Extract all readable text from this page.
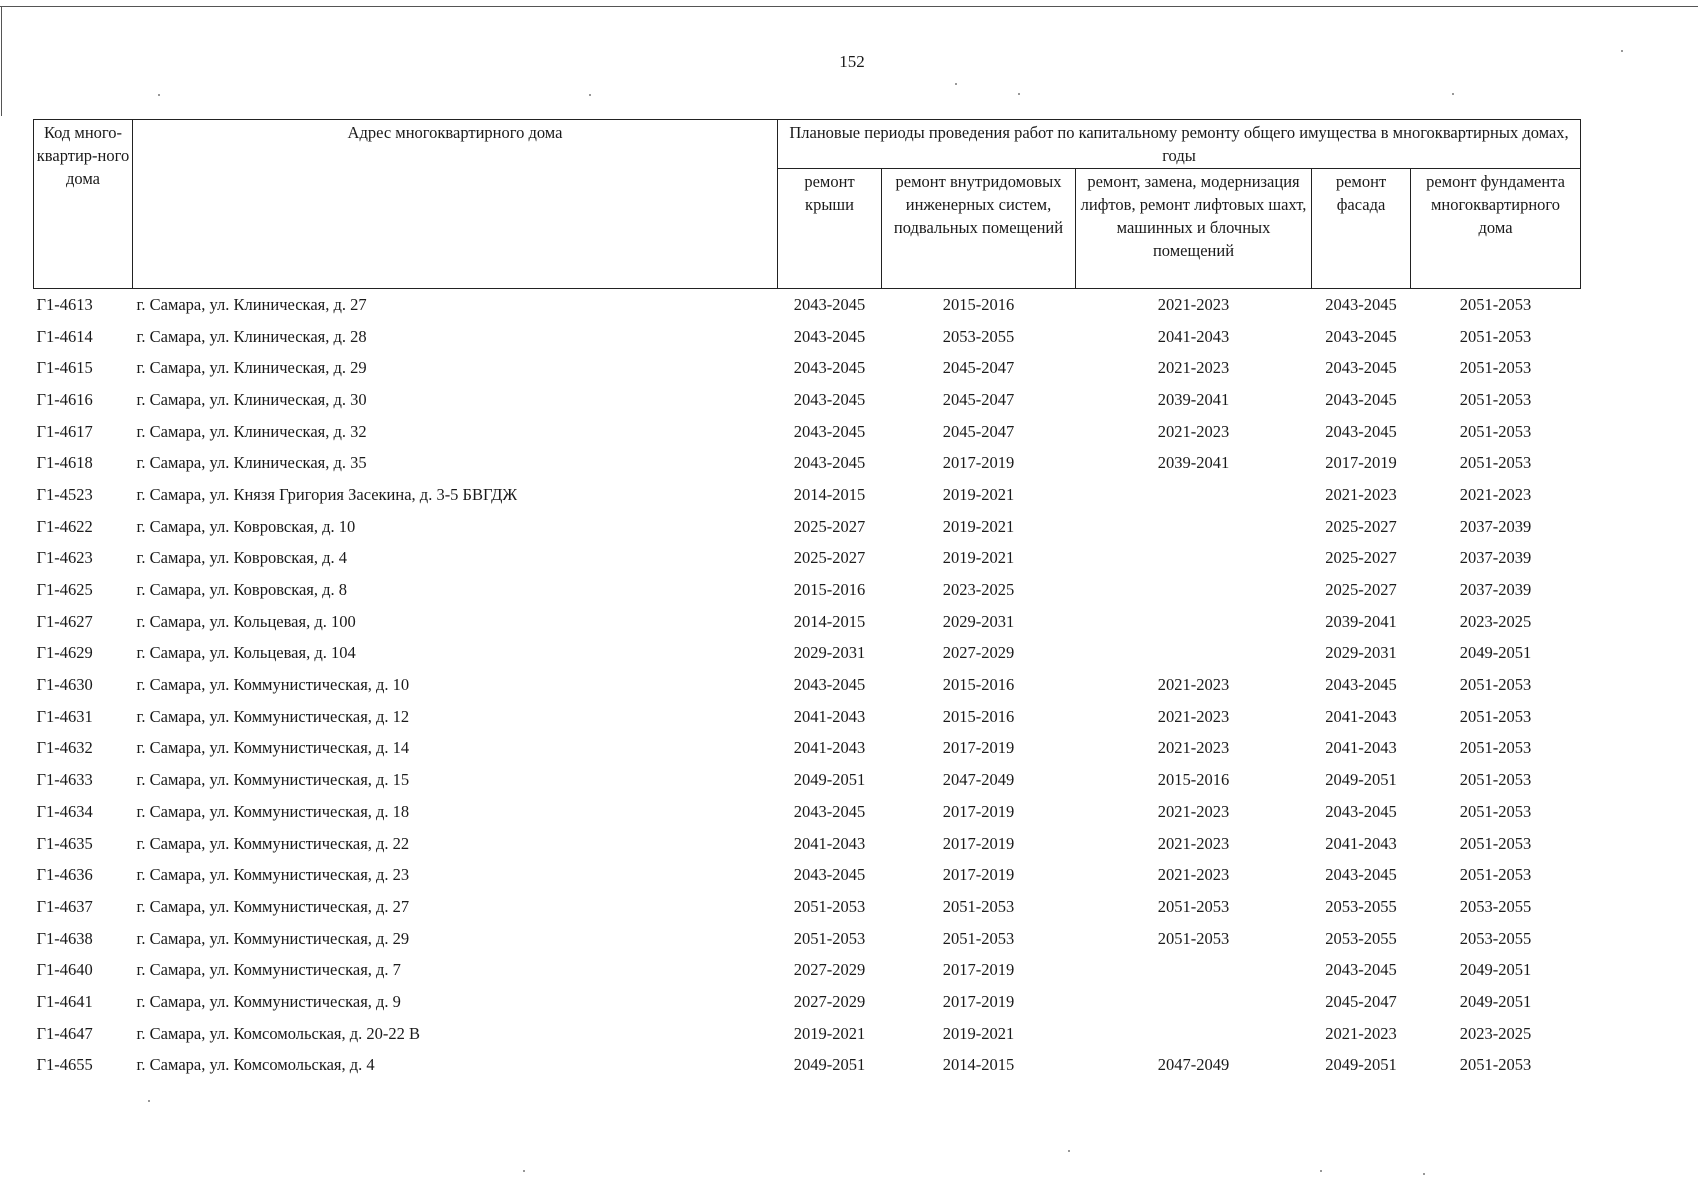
152
Код много-квартир-ного дома	Адрес многоквартирного дома	Плановые периоды проведения работ по капитальному ремонту общего имущества в многоквартирных домах, годы				
		ремонт крыши	ремонт внутридомовых инженерных систем, подвальных помещений	ремонт, замена, модернизация лифтов, ремонт лифтовых шахт, машинных и блочных помещений	ремонт фасада	ремонт фундамента многоквартирного дома
Г1-4613	г. Самара, ул. Клиническая, д. 27	2043-2045	2015-2016	2021-2023	2043-2045	2051-2053
Г1-4614	г. Самара, ул. Клиническая, д. 28	2043-2045	2053-2055	2041-2043	2043-2045	2051-2053
Г1-4615	г. Самара, ул. Клиническая, д. 29	2043-2045	2045-2047	2021-2023	2043-2045	2051-2053
Г1-4616	г. Самара, ул. Клиническая, д. 30	2043-2045	2045-2047	2039-2041	2043-2045	2051-2053
Г1-4617	г. Самара, ул. Клиническая, д. 32	2043-2045	2045-2047	2021-2023	2043-2045	2051-2053
Г1-4618	г. Самара, ул. Клиническая, д. 35	2043-2045	2017-2019	2039-2041	2017-2019	2051-2053
Г1-4523	г. Самара, ул. Князя Григория Засекина, д. 3-5 БВГДЖ	2014-2015	2019-2021		2021-2023	2021-2023
Г1-4622	г. Самара, ул. Ковровская, д. 10	2025-2027	2019-2021		2025-2027	2037-2039
Г1-4623	г. Самара, ул. Ковровская, д. 4	2025-2027	2019-2021		2025-2027	2037-2039
Г1-4625	г. Самара, ул. Ковровская, д. 8	2015-2016	2023-2025		2025-2027	2037-2039
Г1-4627	г. Самара, ул. Кольцевая, д. 100	2014-2015	2029-2031		2039-2041	2023-2025
Г1-4629	г. Самара, ул. Кольцевая, д. 104	2029-2031	2027-2029		2029-2031	2049-2051
Г1-4630	г. Самара, ул. Коммунистическая, д. 10	2043-2045	2015-2016	2021-2023	2043-2045	2051-2053
Г1-4631	г. Самара, ул. Коммунистическая, д. 12	2041-2043	2015-2016	2021-2023	2041-2043	2051-2053
Г1-4632	г. Самара, ул. Коммунистическая, д. 14	2041-2043	2017-2019	2021-2023	2041-2043	2051-2053
Г1-4633	г. Самара, ул. Коммунистическая, д. 15	2049-2051	2047-2049	2015-2016	2049-2051	2051-2053
Г1-4634	г. Самара, ул. Коммунистическая, д. 18	2043-2045	2017-2019	2021-2023	2043-2045	2051-2053
Г1-4635	г. Самара, ул. Коммунистическая, д. 22	2041-2043	2017-2019	2021-2023	2041-2043	2051-2053
Г1-4636	г. Самара, ул. Коммунистическая, д. 23	2043-2045	2017-2019	2021-2023	2043-2045	2051-2053
Г1-4637	г. Самара, ул. Коммунистическая, д. 27	2051-2053	2051-2053	2051-2053	2053-2055	2053-2055
Г1-4638	г. Самара, ул. Коммунистическая, д. 29	2051-2053	2051-2053	2051-2053	2053-2055	2053-2055
Г1-4640	г. Самара, ул. Коммунистическая, д. 7	2027-2029	2017-2019		2043-2045	2049-2051
Г1-4641	г. Самара, ул. Коммунистическая, д. 9	2027-2029	2017-2019		2045-2047	2049-2051
Г1-4647	г. Самара, ул. Комсомольская, д. 20-22 В	2019-2021	2019-2021		2021-2023	2023-2025
Г1-4655	г. Самара, ул. Комсомольская, д. 4	2049-2051	2014-2015	2047-2049	2049-2051	2051-2053
